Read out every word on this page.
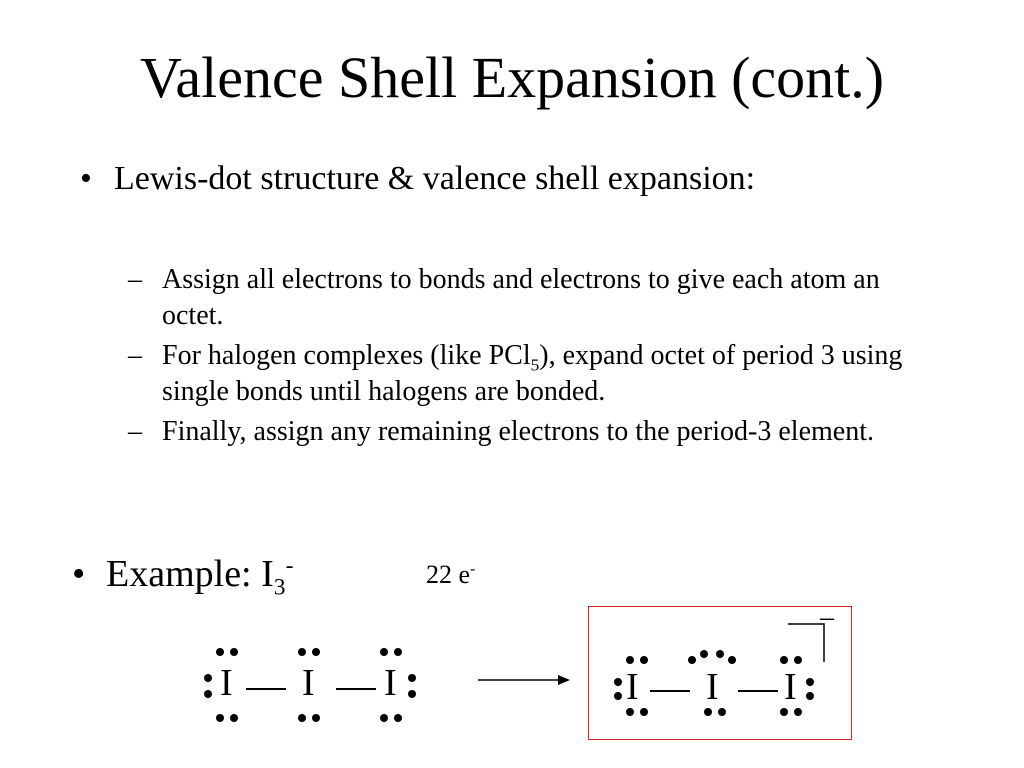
Valence Shell Expansion (cont.)
• Lewis-dot structure & valence shell expansion:
– Assign all electrons to bonds and electrons to give each atom an octet.
– For halogen complexes (like PCl$_5$), expand octet of period 3 using single bonds until halogens are bonded.
– Finally, assign any remaining electrons to the period-3 element.
• Example: $I_3^-$	22 e-
I I I
–
I I I
